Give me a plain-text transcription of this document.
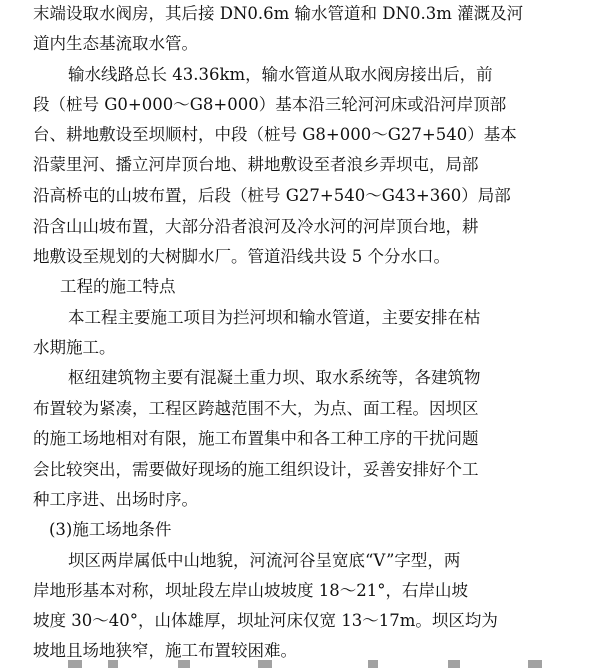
末端设取水阀房，其后接 DN0.6m 输水管道和 DN0.3m 灌溉及河
道内生态基流取水管。
输水线路总长 43.36km，输水管道从取水阀房接出后，前
段（桩号 G0+000～G8+000）基本沿三轮河河床或沿河岸顶部
台、耕地敷设至坝顺村，中段（桩号 G8+000～G27+540）基本
沿蒙里河、播立河岸顶台地、耕地敷设至者浪乡弄坝屯，局部
沿高桥屯的山坡布置，后段（桩号 G27+540～G43+360）局部
沿含山山坡布置，大部分沿者浪河及冷水河的河岸顶台地，耕
地敷设至规划的大树脚水厂。管道沿线共设 5 个分水口。
工程的施工特点
本工程主要施工项目为拦河坝和输水管道，主要安排在枯
水期施工。
枢纽建筑物主要有混凝土重力坝、取水系统等，各建筑物
布置较为紧凑，工程区跨越范围不大，为点、面工程。因坝区
的施工场地相对有限，施工布置集中和各工种工序的干扰问题
会比较突出，需要做好现场的施工组织设计，妥善安排好个工
种工序进、出场时序。
(3)施工场地条件
坝区两岸属低中山地貌，河流河谷呈宽底“V”字型，两
岸地形基本对称，坝址段左岸山坡坡度 18～21°，右岸山坡
坡度 30～40°，山体雄厚，坝址河床仅宽 13～17m。坝区均为
坡地且场地狭窄，施工布置较困难。
